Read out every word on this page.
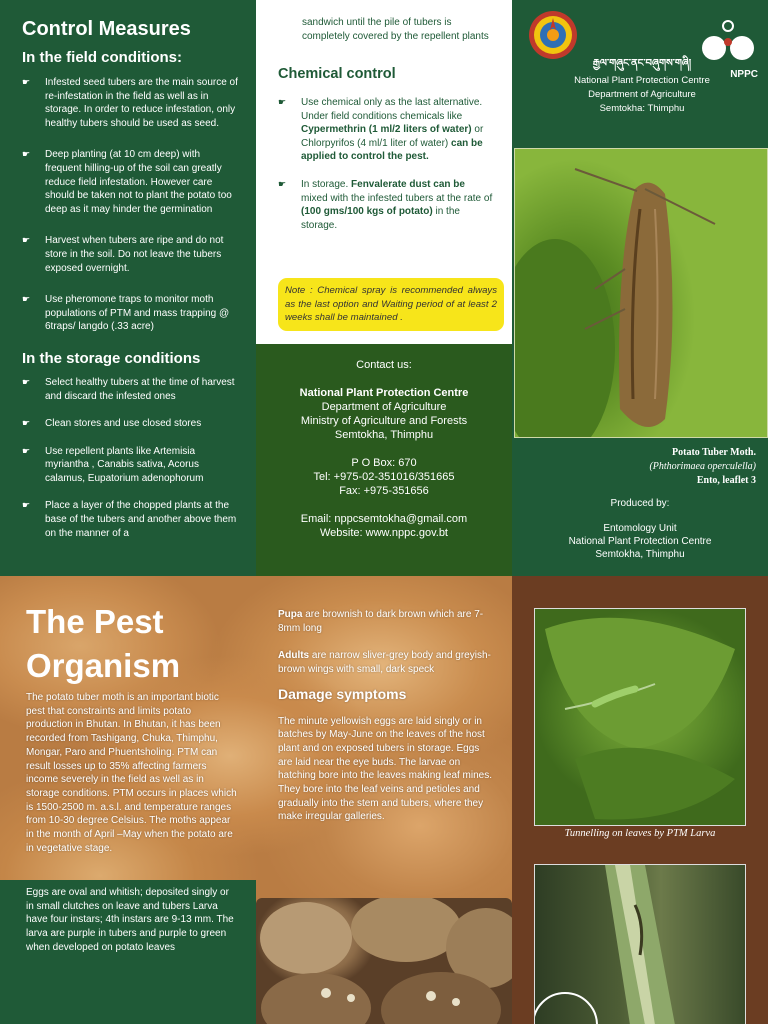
Control Measures
In the field conditions:
☛ Infested seed tubers are the main source of re-infestation in the field as well as in storage. In order to reduce infestation, only healthy tubers should be used as seed.
☛ Deep planting (at 10 cm deep) with frequent hilling-up of the soil can greatly reduce field infestation. However care should be taken not to plant the potato too deep as it may hinder the germination
☛ Harvest when tubers are ripe and do not store in the soil. Do not leave the tubers exposed overnight.
☛ Use pheromone traps to monitor moth populations of PTM and mass trapping @ 6traps/ langdo (.33 acre)
In the storage conditions
☛ Select healthy tubers at the time of harvest and discard the infested ones
☛ Clean stores and use closed stores
☛ Use repellent plants like Artemisia myriantha , Canabis sativa, Acorus calamus, Eupatorium adenophorum
☛ Place a layer of the chopped plants at the base of the tubers and another above them on the manner of a

sandwich until the pile of tubers is completely covered by the repellent plants

Chemical control
☛ Use chemical only as the last alternative. Under field conditions chemicals like Cypermethrin (1 ml/2 liters of water) or Chlorpyrifos (4 ml/1 liter of water) can be applied to control the pest.
☛ In storage. Fenvalerate dust can be mixed with the infested tubers at the rate of (100 gms/100 kgs of potato) in the storage.

Note : Chemical spray is recommended always as the last option and Waiting period of at least 2 weeks shall be maintained .

Contact us:
National Plant Protection Centre
Department of Agriculture
Ministry of Agriculture and Forests
Semtokha, Thimphu
P O Box: 670
Tel: +975-02-351016/351665
Fax: +975-351656
Email: nppcsemtokha@gmail.com
Website: www.nppc.gov.bt
NPPC
རྒྱལ་གཞུང་ནང་བཞུགས་གཞི།
National Plant Protection Centre
Department of Agriculture
Semtokha: Thimphu
Potato Tuber Moth.
(Phthorimaea operculella)
Ento, leaflet 3
Produced by:
Entomology Unit
National Plant Protection Centre
Semtokha, Thimphu
The Pest
Organism

The potato tuber moth is an important biotic pest that constraints and limits potato production in Bhutan. In Bhutan, it has been recorded from Tashigang, Chuka, Thimphu, Mongar, Paro and Phuentsholing. PTM can result losses up to 35% affecting farmers income severely in the field as well as in storage conditions. PTM occurs in places which is 1500-2500 m. a.s.l. and temperature ranges from 10-30 degree Celsius. The moths appear in the month of April –May when the potato are in vegetative stage.

Pupa are brownish to dark brown which are 7-8mm long

Adults are narrow sliver-grey body and greyish-brown wings with small, dark speck

Damage symptoms

The minute yellowish eggs are laid singly or in batches by May-June on the leaves of the host plant and on exposed tubers in storage. Eggs are laid near the eye buds. The larvae on hatching bore into the leaves making leaf mines. They bore into the leaf veins and petioles and gradually into the stem and tubers, where they make irregular galleries.

Eggs are oval and whitish; deposited singly or in small clutches on leave and tubers Larva have four instars; 4th instars are 9-13 mm. The larva are purple in tubers and purple to green when developed on potato leaves

Tunnelling on leaves by PTM Larva
